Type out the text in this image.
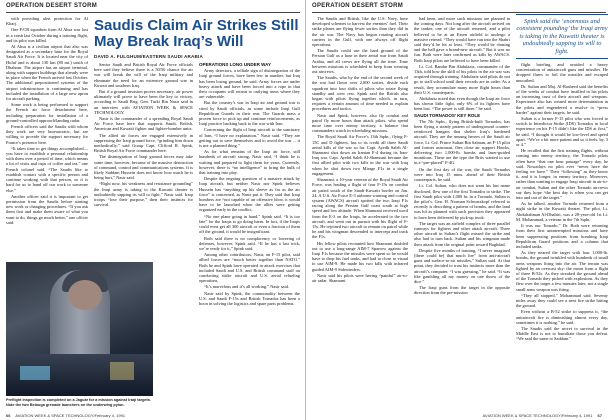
OPERATION DESERT STORM

with providing alert protection for Al Kharj.

One F/CR squadron from Al Ahsa was lost in a crash last October during a training flight, and its pilot was killed.

Al Ahsa is a civilian airport that also was designated as a secondary base for the Royal Saudi Air Force. It is located near the city of Hofuf and is about 130 km (80 mi.) south of Dhahran. The airport has an airport terminal, along with support buildings that already were in place when the French arrived last October. The additional prepositioned systems of the airport infrastructure is continuing and has included the installation of a large new apron for aircraft parking.

Some work is being performed to support the French air force detachment here, including preparation for installation of a ground-controlled approach/landing radar.

French officers said the Saudis with whom they work are very bureaucratic, but are willing to provide the support necessary for France’s presence here.

“It takes time to get things accomplished—you have to establish a personal relationship with them over a period of time, which means a lot of visits and cups of coffee and tea,” one French colonel said. “The Saudis like to establish contact with a specific person and continue working with that person, so it is hard for us to hand off our work to someone else.”

Another officer said it is important to get permission from the Saudis before starting new work or changing procedures. “If you ask them first and make them aware of what you want to do, things go much better,” one officer said.

Saudis Claim Air Strikes Still May Break Iraq’s Will
DAVID A. FULGHUM/EASTERN SAUDI ARABIA

Senior Saudi and British Royal Air Force officials here said they believe there is a 50/50 chance the air war will break the will of the Iraqi military and eliminate the need for an extensive ground war in Kuwait and southern Iraq.

But if a ground invasion proves necessary, air power ultimately will prove to have been the key to victory, according to Saudi Brig. Gen. Turki Bin Nasir said in an interview with AVIATION WEEK & SPACE TECHNOLOGY.

Nasir is the commander of a spreading Royal Saudi Air Force base here that supports Saudi, British, American and Kuwaiti fighter and fighter-bomber units.

The allied air forces are engaged extensively in suppressing the Iraqi ground force, “grinding him down methodically,” said Group Capt. Clifford R. Spink, British Royal Air Force commander here.

The disintegration of Iraqi ground forces may take some time, however, because of the massive destruction of command, control and communications systems. It is likely Saddam Hussein does not know how much he is being hurt,” Nasir said.

“Right now, his weakness and resistance grounding” the Iraqi army is taking to the Kuwaiti theater is undoubtedly sapping its will to fight,” Nasir said. Iraqi troops “lose their purpose,” then their instincts for survival.

OPERATIONS LONG UNDER WAY

Army detectors, a telltale sign of disintegration of the Iraqi ground forces, have been few in number, but Iraq has been losing ground, he said. Army forces are under heavy attack and have been forced into a rope in that their occupants will retreat to outlying areas where they are vulnerable.

But the country’s war in Iraqi air and ground war is cited by Saudi officials, as some include Iraqi Gulf Republican Guards in their rear. The Guards mass a proven force to pick up and continue reinforcements, as Iraqi practice backing back to the war with Iran.

Concerning the flight of Iraqi aircraft to the sanctuary of Iran, “I have no explanation,” Nasir said. “They are getting out to save themselves and to avoid the war ... it is not a planned thing.”

As for what remains of the Iraqi air force, still hundreds of aircraft strong, Nasir said, “I think he is waiting and prepared to fight them for years. Currently, however, there is “no intelligence” to bring the bulk of that training into play.

Despite the ongoing question of a massive attack by Iraqi aircraft, but neither Nasir nor Spink believes Hussein has “anything up his sleeve as far as the air force” is concerned, as Nasir put it. They said that Iraqi bombers are “not capable of an offensive blow, it would have to be launched when the allies were getting organized early in the conflict.

“No one plane going in hand,” Spink said. “It is too late” for the Iraqis to go doing harm. In fact, if the Iraqis could even get all 300 aircraft or even a fraction of them off the ground, it would be insignificant.

Both said there is no complacency or lowering of defenses, however, Spink said. “If he has a last trick, we’re ready for it,” Spink said.

Among other contributors, Nasir, an F-15 pilot, said allied forces are “much better together than NATO.” Both he and Spink have operated in attack exercises that included Saudi and U.S. and British command staff on conducting strike aircraft and U.S. aerial refueling operations.

“It’s marvelous and it’s all working,” Nasir said.

Nasir said by Spink, the commonality between the U.S. and Saudi F-15s and British Tornados has been a boon in solving the logistics and spare parts problems.

Preflight inspection is completed on a Jaguar for a mission against Iraqi targets. Note the two Belouga grenade launchers on the underwing pylon.
66 AVIATION WEEK & SPACE TECHNOLOGY/February 4, 1991
OPERATION DESERT STORM

The Saudis and British, like the U.S. Navy, have developed schemes to harvest the enemies’ fuel. Their strike planes are flying fewer sorties than they did in the air war. The Navy has begun rotating aircraft carriers in the Gulf, with one always off flight operations.

The Saudis could use the hard ground of the Persian Gulf as a base in their aerial war from Saudi Arabia, and all crews are flying all the time. Time between missions is scheduled to keep from wearing out aircrews.

The Saudis, who by the end of the second week of the war had flown over 2,000 sorties, divide each squadron into four shifts of pilots who rotate flying standby and crew rest. Spink said the British also began with pilots flying together which, in turn, requires a certain amount of time needed to explain procedures and tactics.

Nasir and Spink, however, also fly combat and patrol fly more hours than attack pilots, who spend more time over enemy territory, a balance that commanders watch in scheduling missions.

The Royal Saudi Air Force’s 13th Sqdn., flying F-15C and D fighters, has to its credit all three Saudi aerial kills of the war so far. Capt. Ayedh Saleh Al-Shamrani shot down an Iranian F-4 during its Iran-Iraq war. Capt. Ayehd Saleh Al-Shamrani became the first allied pilot with two kills in the war with Iraq when he shot down two Mirage F1s in a single engagement.

Shamrani, a 10-year veteran of the Royal Saudi Air Force, was leading a flight of four F-15s on combat air patrol south of the Saudi-Kuwaiti border on Jan. 24. A U.S. Air Force E-3 airborne warning and control system (AWACS) aircraft spotted the two Iraqi F1s racing along the Persian Gulf coast south at high speed and low altitude. When Shamrani received word from the E-3 on the Iraqis, he accelerated to the two aircraft, and went out in pursuit with his flight of F-15s. He rejoined two aircraft to remain on patrol while he and his wingman descended to intercept and track the F1s.

His fellow pilots recounted how Shamrani doubled out to use a long-range AIM-7 Sparrow against the Iraqi F1s because the missiles were spent so he would have to drop his fuel tanks, and had to close to visual to use AIM-9. He made his two kills with infrared guided AIM-9 Sidewinders.

Nasir said his pilots were having “painful” air-to-air radar. Shamrani

Spink said the ‘enormous and consistent pounding’ the Iraqi army is taking in the Kuwaiti theater is undoubtedly sapping its will to fight.

had been, and more such missions are planned in the coming days. Not long after the aircraft arrived on the tanker, one of the aircraft returned, and a pilot believed to be at an Essen airfield to undergo a massive retread. “They would have run into the Shahri said they’d be hit at least. “They would be chasing and the ball gave a brand-new aircraft.” But it was no fun. Both were later confirmed as kills by AWACS. Both Iraqi pilots are believed to have been killed.

Lt. Col. Bandar Bin Abdulaziz, commander of the 13th, told how the skill of his pilots in the air war was acquired through training. Abdulaziz said pilots do not go to staff school until their records are in order. As a result, they accumulate many more flight hours than their U.S. counterparts.

Abdulaziz noted that even though the Iraqi air force has shown little fight, only 6% of its fighters have been lost. “The power is still there,” he said.

SAUDI TORNADOS’ KEY ROLE

The 7th Sqdn., flying British-built Tornados, has been flying a steady pattern of underground counter-reinforced hangars that shelter Iraq’s hardened aircraft. They are the unsung heroes of the Saudi air force, Lt. Col. Prince Sultan Bin Salman, an F-15 pilot and former astronaut, flies close air support Hawks, delivering two 1,000-lb. bombs and laser-guided munitions. These are the type the Brits wanted to use in a “pre-placed” F-4G.

On the first day of the war, the Saudi Tornados were into Iraq 15 mins. ahead of their British counterparts, he said.

Lt. Col. Sultan, who does not want his last name disclosed, flew one of the first Tornados to strike. The first Saudi pilot with 1,000 hr. in a Tornado, Sultan is the pilot’s. Gen. H. Norman Schwarzkopf referred to recently is describing a pattern of bombs, and the land was hit as planned with such precision they appeared to have been delivered by pick-up truck.

The target was an airfield complex of three parallel runways for fighters and other attack aircraft. Three other aircraft in Sultan’s flight missed the strike and also had to turn back. Sultan and his wingman made their attack from the original point toward Baghdad.

Despite five months of training, “I never imagined [there could be] that much fire” from anti-aircraft guns and surface-to-air missiles,” Sultan said. At that point, they decided to trust his instincts more than the aircraft’s computer. “I was guessing,” he said. “It was like gambling all my money on one throw of the dice.”

The Iraqi guns from the target in the opposite direction from the pre-mission

flight briefing, and avoided a heavy concentration of antiaircraft guns and missiles. He dropped flares to foil the missiles and escaped unscathed.

Dr. Sultan and Maj. Al-Rasheed said the benefits of the weeks of combat have instilled in his pilots an increasing trust of their aircraft and weapons. Experience also has created more determination in the pilots and engendered a resolve to “press harder” against their targets, he said.

Sultan is a former F-15 pilot who was forced to switch to Interdictor Strike (IDS) Tornados in local experience on his F-15 didn’t like the IDS at first,” he said. “I thought it would be low-level and speed apart. “We’re a bit more patient and so it feels, by, 3 or 4.”

He recalled that the first training flights, without coming into enemy territory, the Tornado pilots often have “that one hour passage” every day, he said. Nowadays no pilot ever “never have the feeling we have.” Their “following” as they know it, and it is longer, in enemy territory. Moreover, rather than wanting to engage Iraqi aircraft in air-to-air combat, Sultan and the other Tornado aircrews say they hope “the best day is when you can get into and out of the target.”

As he talked, another Tornado returned from a night strike in the Kuwaiti theater. The pilot, Lt. Abdulrahman Al-Dhahiri, was a 28-year-old 1st Lt. M. Mohammad, a veteran in the 7th Sqdn.

It was our Tornado,” Dr. Both were returning from their first uninterrupted missions and have been suppressing positions from bombing Iraqi Republican Guard positions and a column that included tanks.

As they neared the target with four 1,000-lb. bombs, the ground twinkled with hundreds of small arms weapons firing into the air. The terrain was lighted by an overcast sky: the moon from a flight of three B-52s. As they streaked the ground ahead of the Tornado they picked with explosions. As they flew over the target a few minutes later, not a single small arms weapon was firing.

“They all stopped,” Mohammad said. Seventy miles away they could see a next fire strike hitting the ground.

Even without a B-52 strike to suppress it, “the antiaircraft fire is diminishing almost every day, sometimes it is nothing,” he said.

The Saudis said the secret to survival in the Middle East is not to humiliate those you defeat. “We said the same to Saddam.”

AVIATION WEEK & SPACE TECHNOLOGY/February 4, 1991 67
